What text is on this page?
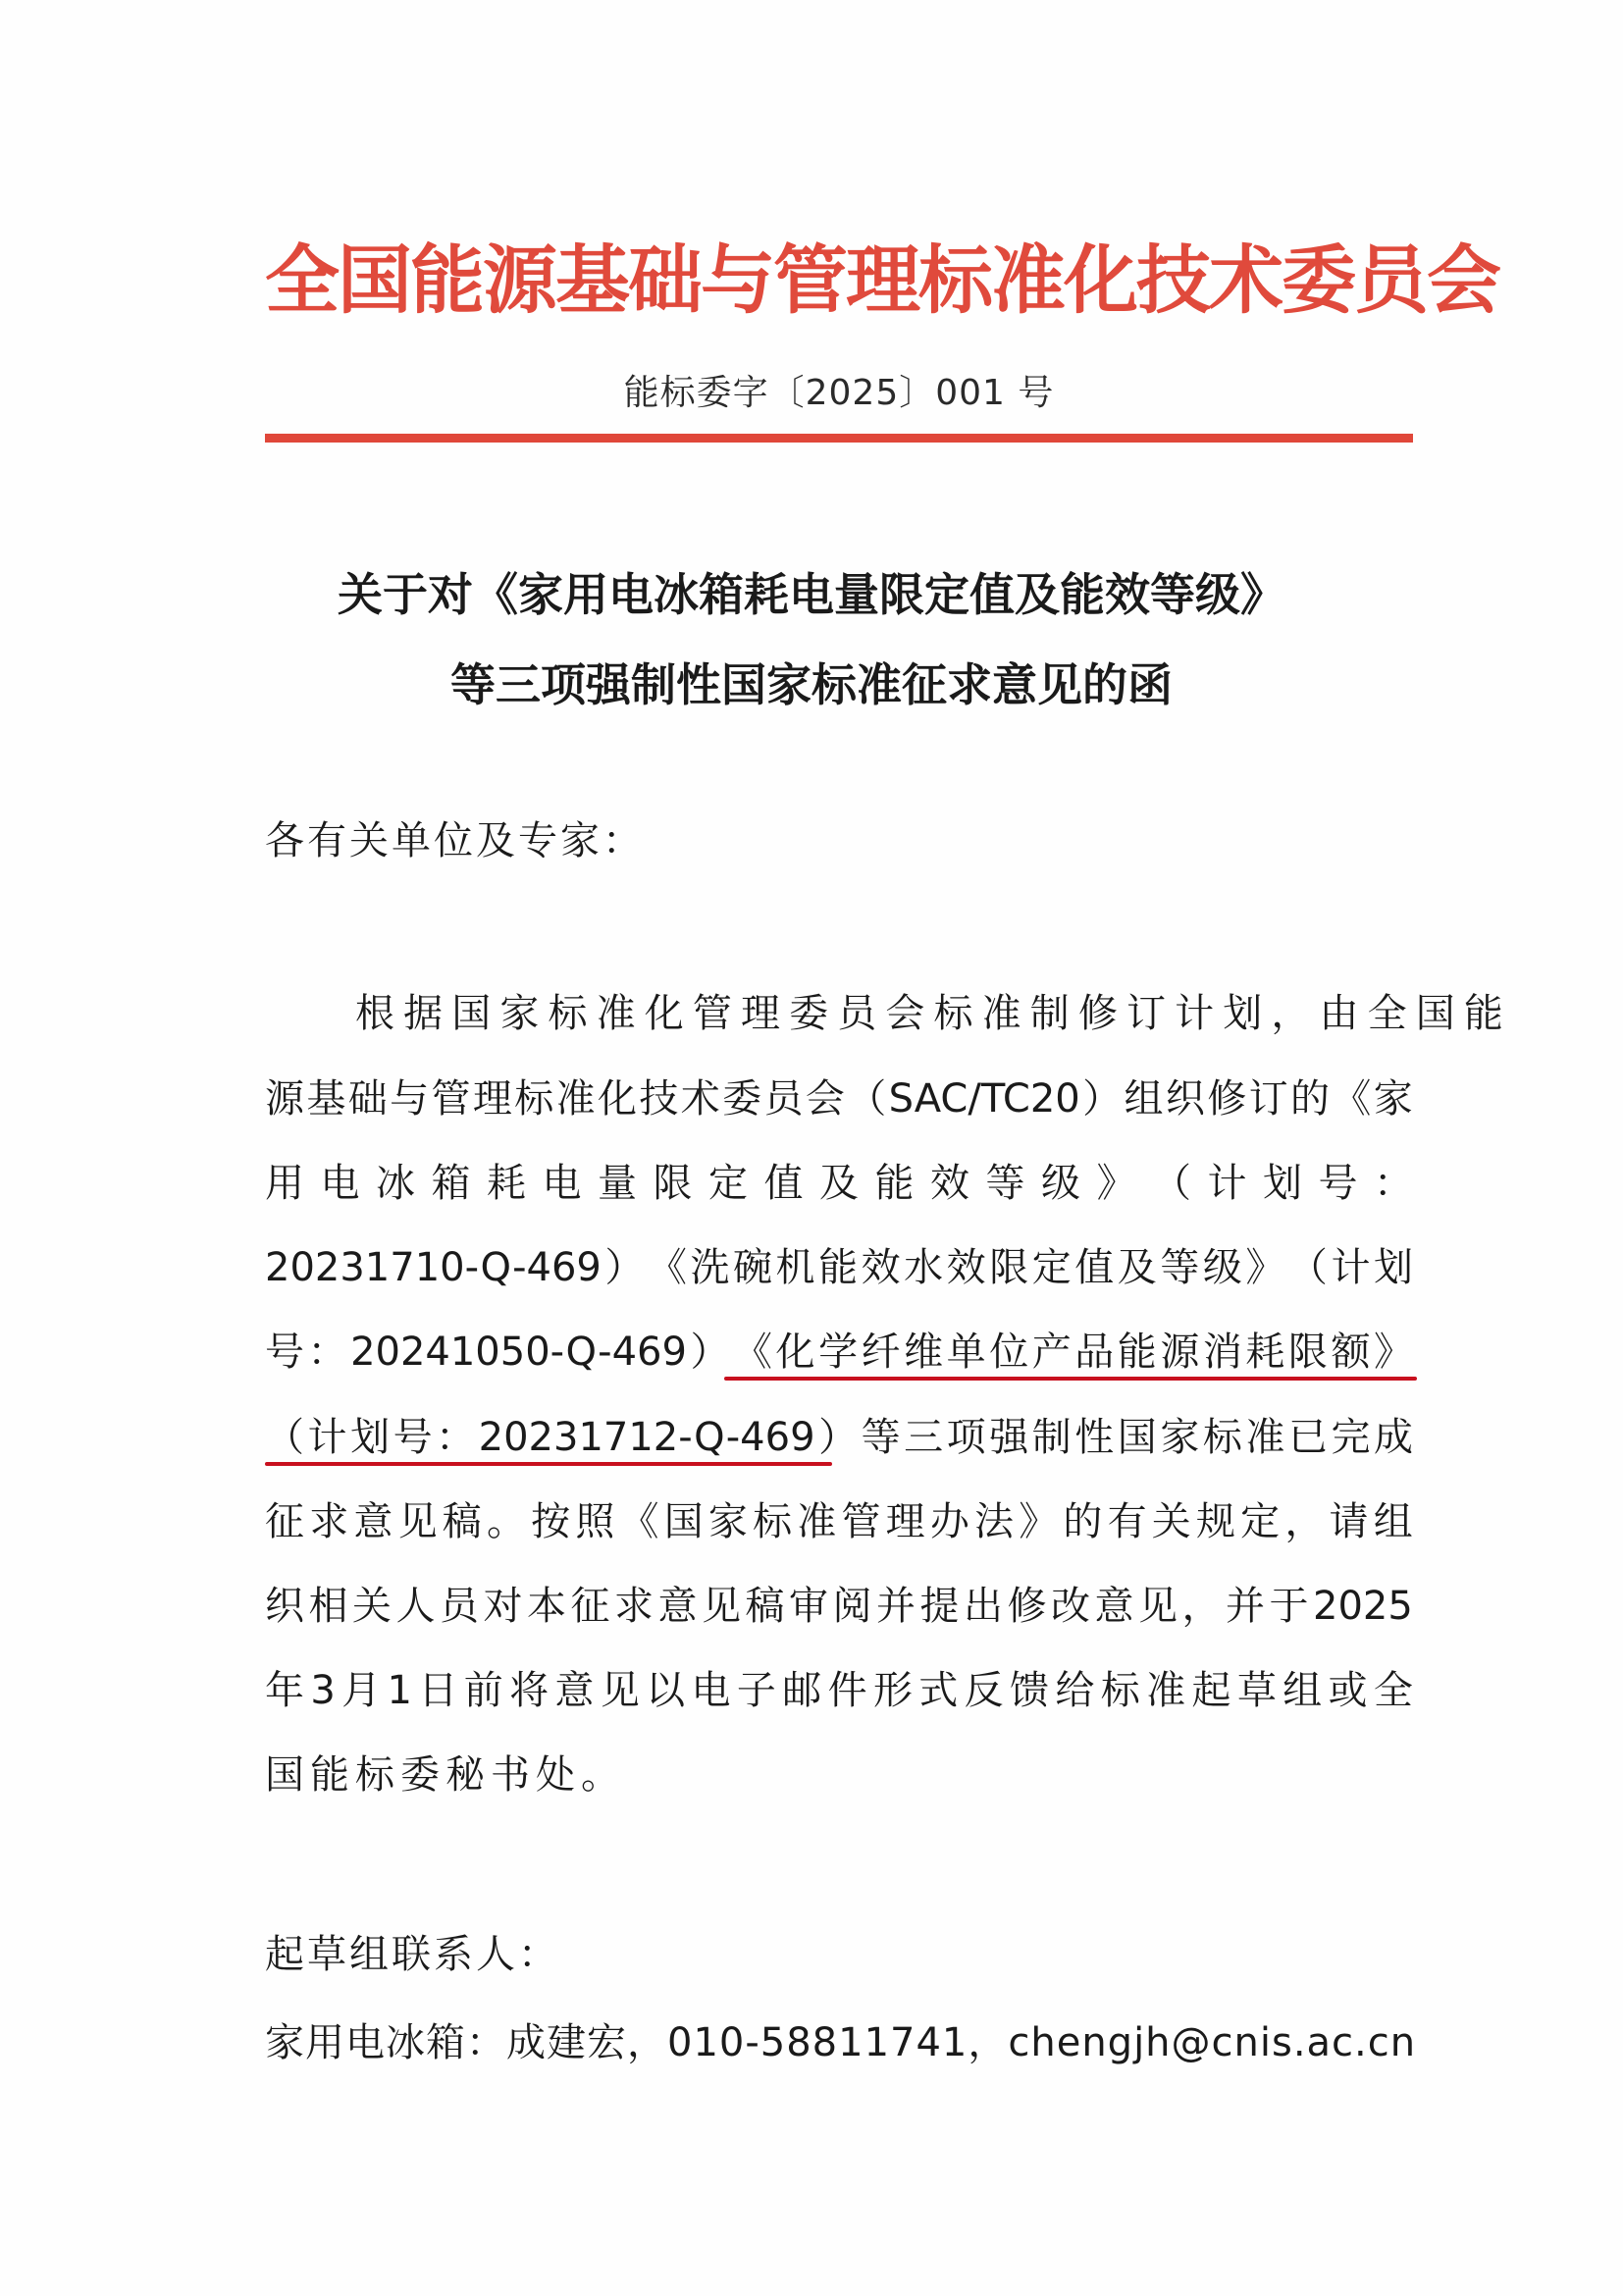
全国能源基础与管理标准化技术委员会
能标委字〔2025〕001 号
关于对《家用电冰箱耗电量限定值及能效等级》
等三项强制性国家标准征求意见的函
各有关单位及专家：
根 据 国 家 标 准 化 管 理 委 员 会 标 准 制 修 订 计 划 ， 由 全 国 能
源 基 础 与 管 理 标 准 化 技 术 委 员 会 （ SAC/TC20 ） 组 织 修 订 的 《 家
用 电 冰 箱 耗 电 量 限 定 值 及 能 效 等 级 》 （ 计 划 号 ：
20231710-Q-469 ） 《 洗 碗 机 能 效 水 效 限 定 值 及 等 级 》 （ 计 划
号 ： 20241050-Q-469 ） 《 化 学 纤 维 单 位 产 品 能 源 消 耗 限 额 》
（ 计 划 号 ： 20231712-Q-469 ） 等 三 项 强 制 性 国 家 标 准 已 完 成
征 求 意 见 稿 。 按 照 《 国 家 标 准 管 理 办 法 》 的 有 关 规 定 ， 请 组
织 相 关 人 员 对 本 征 求 意 见 稿 审 阅 并 提 出 修 改 意 见 ， 并 于 2025
年 3 月 1 日 前 将 意 见 以 电 子 邮 件 形 式 反 馈 给 标 准 起 草 组 或 全
国能标委秘书处。
起草组联系人：
家用电冰箱：成建宏，010-58811741，chengjh@cnis.ac.cn
